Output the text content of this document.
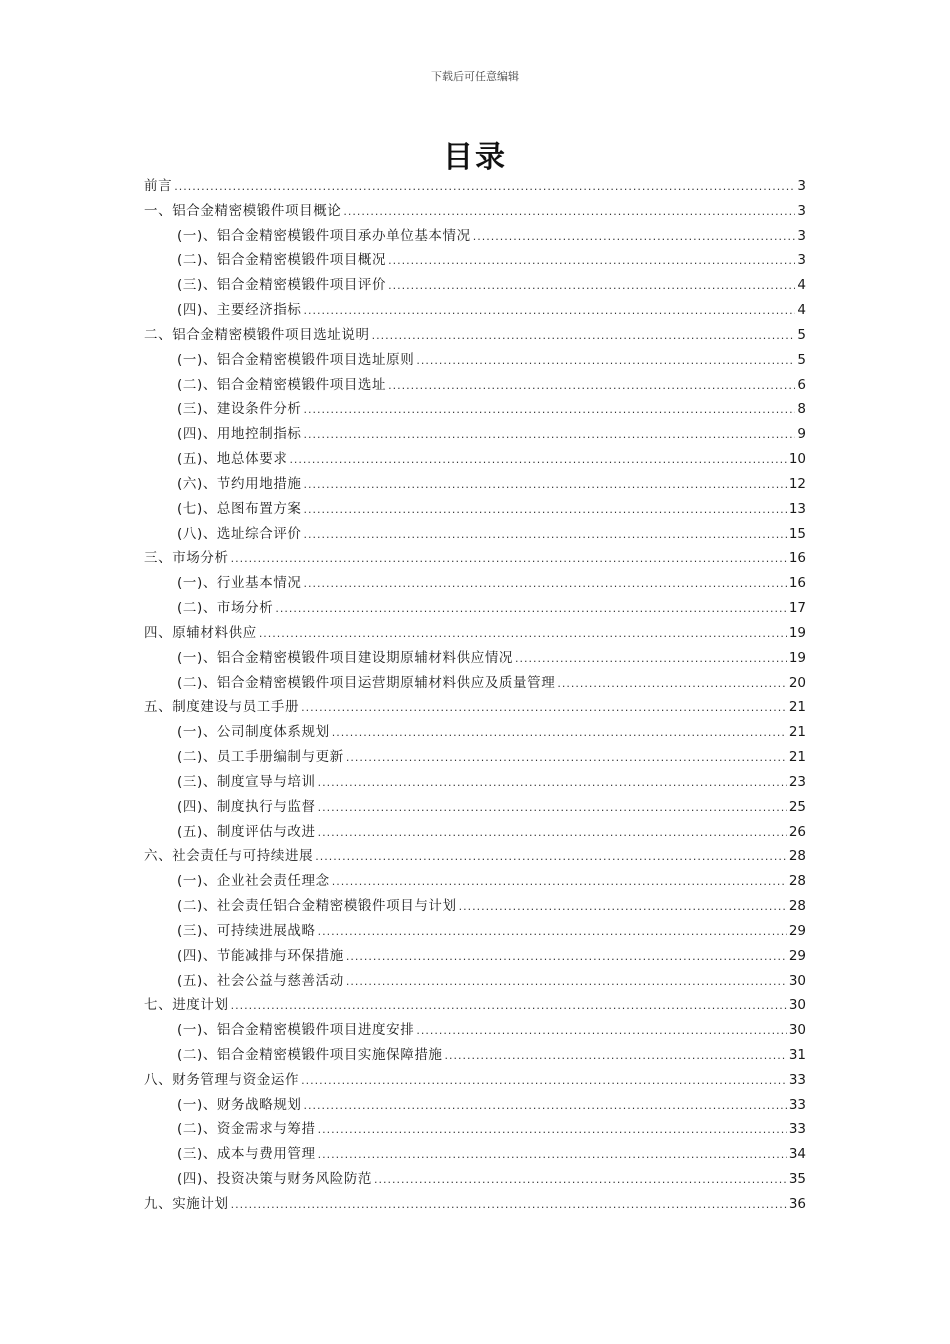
下载后可任意编辑
目录
前言 .....	3
一、铝合金精密模锻件项目概论 .....	3
(一)、铝合金精密模锻件项目承办单位基本情况 .....	3
(二)、铝合金精密模锻件项目概况 .....	3
(三)、铝合金精密模锻件项目评价 .....	4
(四)、主要经济指标 .....	4
二、铝合金精密模锻件项目选址说明 .....	5
(一)、铝合金精密模锻件项目选址原则 .....	5
(二)、铝合金精密模锻件项目选址 .....	6
(三)、建设条件分析 .....	8
(四)、用地控制指标 .....	9
(五)、地总体要求 .....	10
(六)、节约用地措施 .....	12
(七)、总图布置方案 .....	13
(八)、选址综合评价 .....	15
三、市场分析 .....	16
(一)、行业基本情况 .....	16
(二)、市场分析 .....	17
四、原辅材料供应 .....	19
(一)、铝合金精密模锻件项目建设期原辅材料供应情况 .....	19
(二)、铝合金精密模锻件项目运营期原辅材料供应及质量管理 .....	20
五、制度建设与员工手册 .....	21
(一)、公司制度体系规划 .....	21
(二)、员工手册编制与更新 .....	21
(三)、制度宣导与培训 .....	23
(四)、制度执行与监督 .....	25
(五)、制度评估与改进 .....	26
六、社会责任与可持续进展 .....	28
(一)、企业社会责任理念 .....	28
(二)、社会责任铝合金精密模锻件项目与计划 .....	28
(三)、可持续进展战略 .....	29
(四)、节能减排与环保措施 .....	29
(五)、社会公益与慈善活动 .....	30
七、进度计划 .....	30
(一)、铝合金精密模锻件项目进度安排 .....	30
(二)、铝合金精密模锻件项目实施保障措施 .....	31
八、财务管理与资金运作 .....	33
(一)、财务战略规划 .....	33
(二)、资金需求与筹措 .....	33
(三)、成本与费用管理 .....	34
(四)、投资决策与财务风险防范 .....	35
九、实施计划 .....	36
